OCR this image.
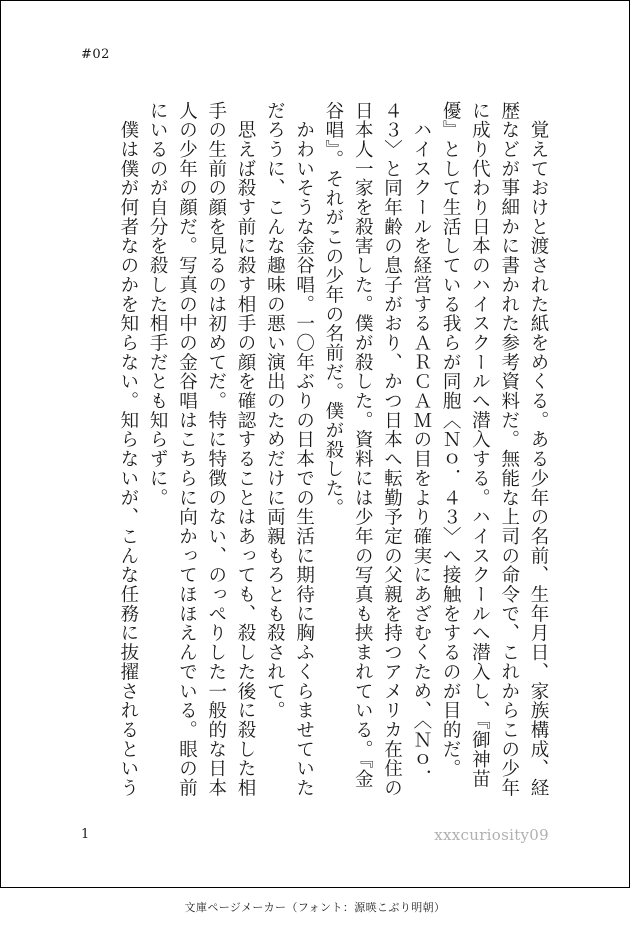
#02

　覚えておけと渡された紙をめくる。ある少年の名前、生年月日、家族構成、経歴などが事細かに書かれた参考資料だ。無能な上司の命令で、これからこの少年に成り代わり日本のハイスクールへ潜入する。ハイスクールへ潜入し、『御神苗優』として生活している我らが同胞〈Ｎｏ．４３〉へ接触をするのが目的だ。

　ハイスクールを経営するＡＲＣＡＭの目をより確実にあざむくため、〈Ｎｏ．４３〉と同年齢の息子がおり、かつ日本へ転勤予定の父親を持つアメリカ在住の日本人一家を殺害した。僕が殺した。資料には少年の写真も挟まれている。『金谷唱』。それがこの少年の名前だ。僕が殺した。

　かわいそうな金谷唱。一〇年ぶりの日本での生活に期待に胸ふくらませていただろうに、こんな趣味の悪い演出のためだけに両親もろとも殺されて。

　思えば殺す前に殺す相手の顔を確認することはあっても、殺した後に殺した相手の生前の顔を見るのは初めてだ。特に特徴のない、のっぺりした一般的な日本人の少年の顔だ。写真の中の金谷唱はこちらに向かってほほえんでいる。眼の前にいるのが自分を殺した相手だとも知らずに。

　僕は僕が何者なのかを知らない。知らないが、こんな任務に抜擢されるという

1	xxxcuriosity09
文庫ページメーカー（フォント：源暎こぶり明朝）
